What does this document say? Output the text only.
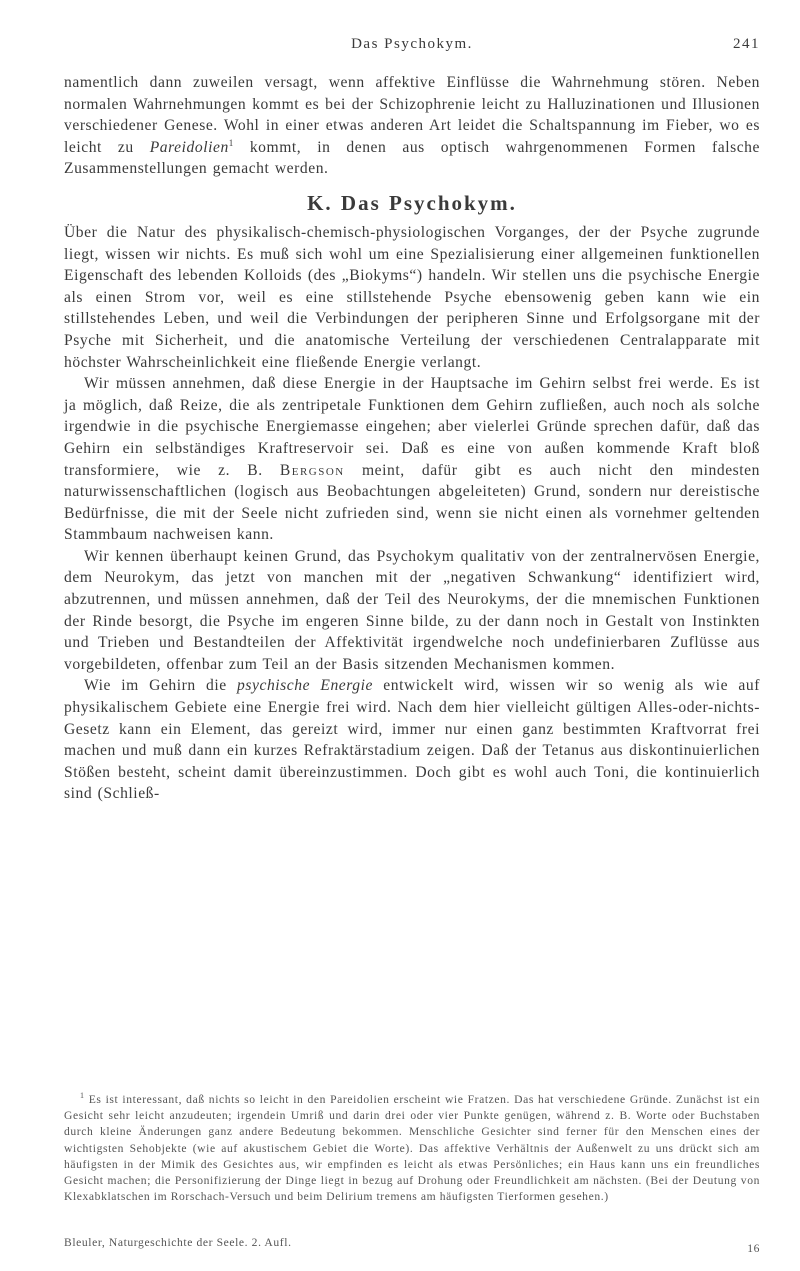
Das Psychokym.	241

namentlich dann zuweilen versagt, wenn affektive Einflüsse die Wahrnehmung stören. Neben normalen Wahrnehmungen kommt es bei der Schizophrenie leicht zu Halluzinationen und Illusionen verschiedener Genese. Wohl in einer etwas anderen Art leidet die Schaltspannung im Fieber, wo es leicht zu Pareidolien$^1$ kommt, in denen aus optisch wahrgenommenen Formen falsche Zusammenstellungen gemacht werden.

K. Das Psychokym.

Über die Natur des physikalisch-chemisch-physiologischen Vorganges, der der Psyche zugrunde liegt, wissen wir nichts. Es muß sich wohl um eine Spezialisierung einer allgemeinen funktionellen Eigenschaft des lebenden Kolloids (des „Biokyms“) handeln. Wir stellen uns die psychische Energie als einen Strom vor, weil es eine stillstehende Psyche ebensowenig geben kann wie ein stillstehendes Leben, und weil die Verbindungen der peripheren Sinne und Erfolgsorgane mit der Psyche mit Sicherheit, und die anatomische Verteilung der verschiedenen Centralapparate mit höchster Wahrscheinlichkeit eine fließende Energie verlangt.

Wir müssen annehmen, daß diese Energie in der Hauptsache im Gehirn selbst frei werde. Es ist ja möglich, daß Reize, die als zentripetale Funktionen dem Gehirn zufließen, auch noch als solche irgendwie in die psychische Energiemasse eingehen; aber vielerlei Gründe sprechen dafür, daß das Gehirn ein selbständiges Kraftreservoir sei. Daß es eine von außen kommende Kraft bloß transformiere, wie z. B. Bergson meint, dafür gibt es auch nicht den mindesten naturwissenschaftlichen (logisch aus Beobachtungen abgeleiteten) Grund, sondern nur dereistische Bedürfnisse, die mit der Seele nicht zufrieden sind, wenn sie nicht einen als vornehmer geltenden Stammbaum nachweisen kann.

Wir kennen überhaupt keinen Grund, das Psychokym qualitativ von der zentralnervösen Energie, dem Neurokym, das jetzt von manchen mit der „negativen Schwankung“ identifiziert wird, abzutrennen, und müssen annehmen, daß der Teil des Neurokyms, der die mnemischen Funktionen der Rinde besorgt, die Psyche im engeren Sinne bilde, zu der dann noch in Gestalt von Instinkten und Trieben und Bestandteilen der Affektivität irgendwelche noch undefinierbaren Zuflüsse aus vorgebildeten, offenbar zum Teil an der Basis sitzenden Mechanismen kommen.

Wie im Gehirn die psychische Energie entwickelt wird, wissen wir so wenig als wie auf physikalischem Gebiete eine Energie frei wird. Nach dem hier vielleicht gültigen Alles-oder-nichts-Gesetz kann ein Element, das gereizt wird, immer nur einen ganz bestimmten Kraftvorrat frei machen und muß dann ein kurzes Refraktärstadium zeigen. Daß der Tetanus aus diskontinuierlichen Stößen besteht, scheint damit übereinzustimmen. Doch gibt es wohl auch Toni, die kontinuierlich sind (Schließ-

$^1$ Es ist interessant, daß nichts so leicht in den Pareidolien erscheint wie Fratzen. Das hat verschiedene Gründe. Zunächst ist ein Gesicht sehr leicht anzudeuten; irgendein Umriß und darin drei oder vier Punkte genügen, während z. B. Worte oder Buchstaben durch kleine Änderungen ganz andere Bedeutung bekommen. Menschliche Gesichter sind ferner für den Menschen eines der wichtigsten Sehobjekte (wie auf akustischem Gebiet die Worte). Das affektive Verhältnis der Außenwelt zu uns drückt sich am häufigsten in der Mimik des Gesichtes aus, wir empfinden es leicht als etwas Persönliches; ein Haus kann uns ein freundliches Gesicht machen; die Personifizierung der Dinge liegt in bezug auf Drohung oder Freundlichkeit am nächsten. (Bei der Deutung von Klexabklatschen im Rorschach-Versuch und beim Delirium tremens am häufigsten Tierformen gesehen.)

Bleuler, Naturgeschichte der Seele. 2. Aufl.	16
